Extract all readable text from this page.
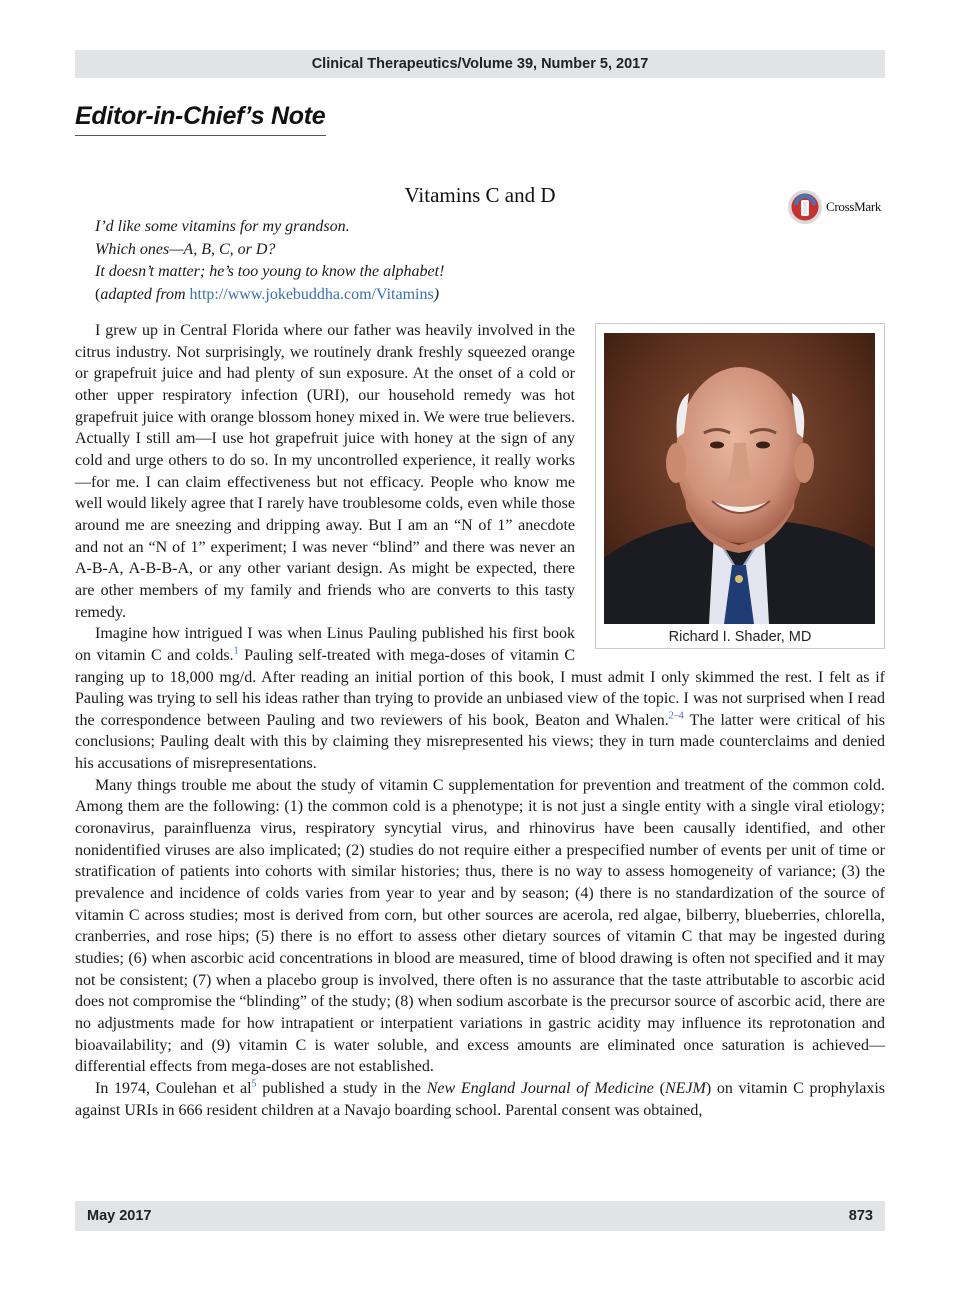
Clinical Therapeutics/Volume 39, Number 5, 2017
Editor-in-Chief’s Note
Vitamins C and D	CrossMark
I’d like some vitamins for my grandson.
Which ones—A, B, C, or D?
It doesn’t matter; he’s too young to know the alphabet!
(adapted from http://www.jokebuddha.com/Vitamins)
Richard I. Shader, MD

I grew up in Central Florida where our father was heavily involved in the citrus industry. Not surprisingly, we routinely drank freshly squeezed orange or grapefruit juice and had plenty of sun exposure. At the onset of a cold or other upper respiratory infection (URI), our household remedy was hot grapefruit juice with orange blossom honey mixed in. We were true believers. Actually I still am—I use hot grapefruit juice with honey at the sign of any cold and urge others to do so. In my uncontrolled experience, it really works—for me. I can claim effectiveness but not efficacy. People who know me well would likely agree that I rarely have troublesome colds, even while those around me are sneezing and dripping away. But I am an “N of 1” anecdote and not an “N of 1” experiment; I was never “blind” and there was never an A-B-A, A-B-B-A, or any other variant design. As might be expected, there are other members of my family and friends who are converts to this tasty remedy.

Imagine how intrigued I was when Linus Pauling published his first book on vitamin C and colds.$^1$ Pauling self-treated with mega-doses of vitamin C ranging up to 18,000 mg/d. After reading an initial portion of this book, I must admit I only skimmed the rest. I felt as if Pauling was trying to sell his ideas rather than trying to provide an unbiased view of the topic. I was not surprised when I read the correspondence between Pauling and two reviewers of his book, Beaton and Whalen.$^{2-4}$ The latter were critical of his conclusions; Pauling dealt with this by claiming they misrepresented his views; they in turn made counterclaims and denied his accusations of misrepresentations.

Many things trouble me about the study of vitamin C supplementation for prevention and treatment of the common cold. Among them are the following: (1) the common cold is a phenotype; it is not just a single entity with a single viral etiology; coronavirus, parainfluenza virus, respiratory syncytial virus, and rhinovirus have been causally identified, and other nonidentified viruses are also implicated; (2) studies do not require either a prespecified number of events per unit of time or stratification of patients into cohorts with similar histories; thus, there is no way to assess homogeneity of variance; (3) the prevalence and incidence of colds varies from year to year and by season; (4) there is no standardization of the source of vitamin C across studies; most is derived from corn, but other sources are acerola, red algae, bilberry, blueberries, chlorella, cranberries, and rose hips; (5) there is no effort to assess other dietary sources of vitamin C that may be ingested during studies; (6) when ascorbic acid concentrations in blood are measured, time of blood drawing is often not specified and it may not be consistent; (7) when a placebo group is involved, there often is no assurance that the taste attributable to ascorbic acid does not compromise the “blinding” of the study; (8) when sodium ascorbate is the precursor source of ascorbic acid, there are no adjustments made for how intrapatient or interpatient variations in gastric acidity may influence its reprotonation and bioavailability; and (9) vitamin C is water soluble, and excess amounts are eliminated once saturation is achieved—differential effects from mega-doses are not established.

In 1974, Coulehan et $al^5$ published a study in the New England Journal of Medicine (NEJM) on vitamin C prophylaxis against URIs in 666 resident children at a Navajo boarding school. Parental consent was obtained,

May 2017	873
